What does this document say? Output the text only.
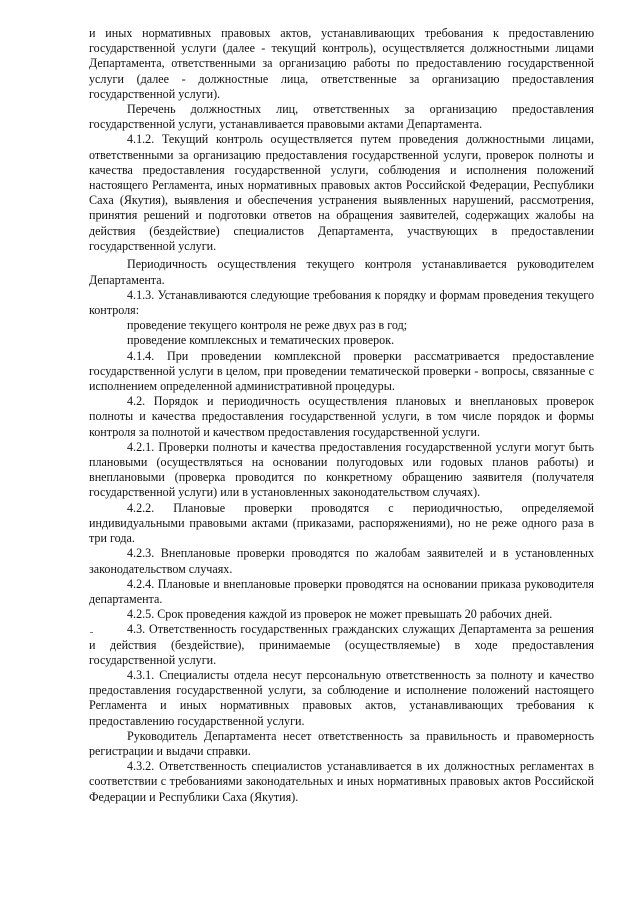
и иных нормативных правовых актов, устанавливающих требования к предоставлению государственной услуги (далее - текущий контроль), осуществляется должностными лицами Департамента, ответственными за организацию работы по предоставлению государственной услуги (далее - должностные лица, ответственные за организацию предоставления государственной услуги).

Перечень должностных лиц, ответственных за организацию предоставления государственной услуги, устанавливается правовыми актами Департамента.

4.1.2. Текущий контроль осуществляется путем проведения должностными лицами, ответственными за организацию предоставления государственной услуги, проверок полноты и качества предоставления государственной услуги, соблюдения и исполнения положений настоящего Регламента, иных нормативных правовых актов Российской Федерации, Республики Саха (Якутия), выявления и обеспечения устранения выявленных нарушений, рассмотрения, принятия решений и подготовки ответов на обращения заявителей, содержащих жалобы на действия (бездействие) специалистов Департамента, участвующих в предоставлении государственной услуги.

Периодичность осуществления текущего контроля устанавливается руководителем Департамента.

4.1.3. Устанавливаются следующие требования к порядку и формам проведения текущего контроля:

проведение текущего контроля не реже двух раз в год;

проведение комплексных и тематических проверок.

4.1.4. При проведении комплексной проверки рассматривается предоставление государственной услуги в целом, при проведении тематической проверки - вопросы, связанные с исполнением определенной административной процедуры.

4.2. Порядок и периодичность осуществления плановых и внеплановых проверок полноты и качества предоставления государственной услуги, в том числе порядок и формы контроля за полнотой и качеством предоставления государственной услуги.

4.2.1. Проверки полноты и качества предоставления государственной услуги могут быть плановыми (осуществляться на основании полугодовых или годовых планов работы) и внеплановыми (проверка проводится по конкретному обращению заявителя (получателя государственной услуги) или в установленных законодательством случаях).

4.2.2. Плановые проверки проводятся с периодичностью, определяемой индивидуальными правовыми актами (приказами, распоряжениями), но не реже одного раза в три года.

4.2.3. Внеплановые проверки проводятся по жалобам заявителей и в установленных законодательством случаях.

4.2.4. Плановые и внеплановые проверки проводятся на основании приказа руководителя департамента.

4.2.5. Срок проведения каждой из проверок не может превышать 20 рабочих дней.

4.3. Ответственность государственных гражданских служащих Департамента за решения и действия (бездействие), принимаемые (осуществляемые) в ходе предоставления государственной услуги.

4.3.1. Специалисты отдела несут персональную ответственность за полноту и качество предоставления государственной услуги, за соблюдение и исполнение положений настоящего Регламента и иных нормативных правовых актов, устанавливающих требования к предоставлению государственной услуги.

Руководитель Департамента несет ответственность за правильность и правомерность регистрации и выдачи справки.

4.3.2. Ответственность специалистов устанавливается в их должностных регламентах в соответствии с требованиями законодательных и иных нормативных правовых актов Российской Федерации и Республики Саха (Якутия).
